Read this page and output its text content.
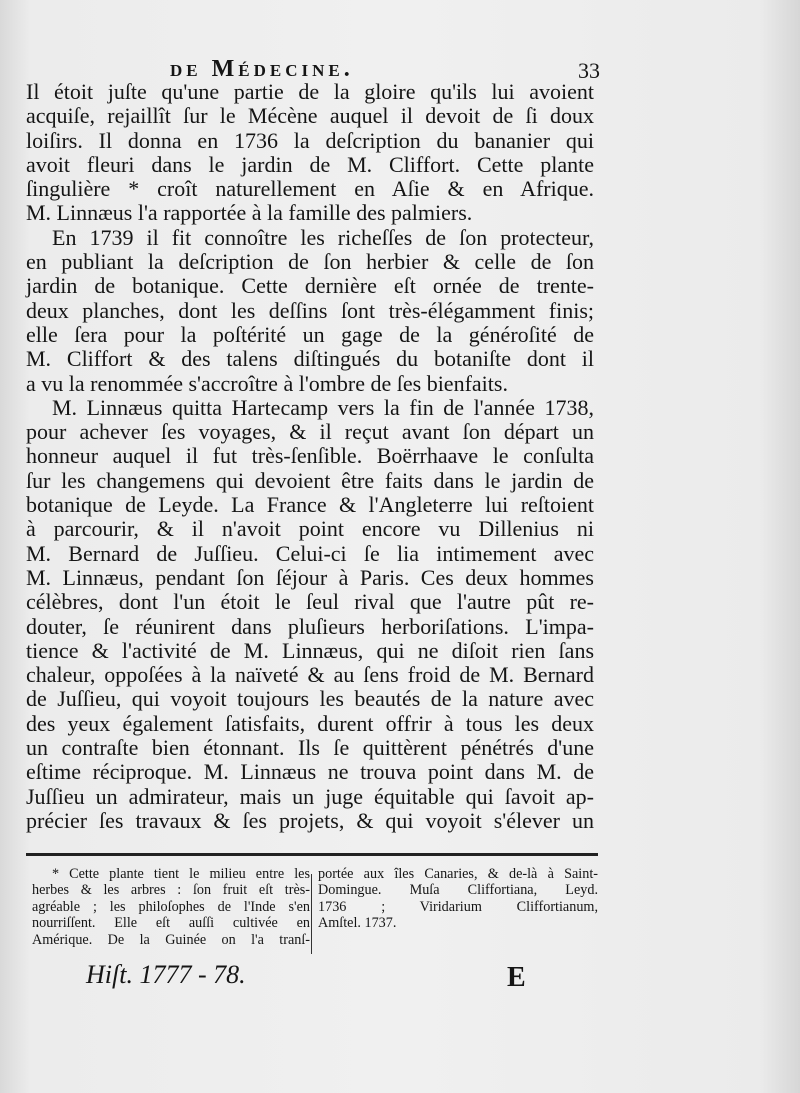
de Médecine.	33

Il étoit juſte qu'une partie de la gloire qu'ils lui avoient
acquiſe, rejaillît ſur le Mécène auquel il devoit de ſi doux
loiſirs. Il donna en 1736 la deſcription du bananier qui
avoit fleuri dans le jardin de M. Cliffort. Cette plante
ſingulière * croît naturellement en Aſie & en Afrique.
M. Linnæus l'a rapportée à la famille des palmiers.

En 1739 il fit connoître les richeſſes de ſon protecteur,
en publiant la deſcription de ſon herbier & celle de ſon
jardin de botanique. Cette dernière eſt ornée de trente-
deux planches, dont les deſſins ſont très-élégamment finis;
elle ſera pour la poſtérité un gage de la généroſité de
M. Cliffort & des talens diſtingués du botaniſte dont il
a vu la renommée s'accroître à l'ombre de ſes bienfaits.

M. Linnæus quitta Hartecamp vers la fin de l'année 1738,
pour achever ſes voyages, & il reçut avant ſon départ un
honneur auquel il fut très-ſenſible. Boërrhaave le conſulta
ſur les changemens qui devoient être faits dans le jardin de
botanique de Leyde. La France & l'Angleterre lui reſtoient
à parcourir, & il n'avoit point encore vu Dillenius ni
M. Bernard de Juſſieu. Celui-ci ſe lia intimement avec
M. Linnæus, pendant ſon ſéjour à Paris. Ces deux hommes
célèbres, dont l'un étoit le ſeul rival que l'autre pût re-
douter, ſe réunirent dans pluſieurs herboriſations. L'impa-
tience & l'activité de M. Linnæus, qui ne diſoit rien ſans
chaleur, oppoſées à la naïveté & au ſens froid de M. Bernard
de Juſſieu, qui voyoit toujours les beautés de la nature avec
des yeux également ſatisfaits, durent offrir à tous les deux
un contraſte bien étonnant. Ils ſe quittèrent pénétrés d'une
eſtime réciproque. M. Linnæus ne trouva point dans M. de
Juſſieu un admirateur, mais un juge équitable qui ſavoit ap-
précier ſes travaux & ſes projets, & qui voyoit s'élever un

* Cette plante tient le milieu entre les
herbes & les arbres : ſon fruit eſt très-
agréable ; les philoſophes de l'Inde s'en
nourriſſent. Elle eſt auſſi cultivée en
Amérique. De la Guinée on l'a tranſ-
portée aux îles Canaries, & de-là à Saint-
Domingue. Muſa Cliffortiana, Leyd.
1736 ; Viridarium Cliffortianum,
Amſtel. 1737.
Hiſt. 1777 - 78.	E
